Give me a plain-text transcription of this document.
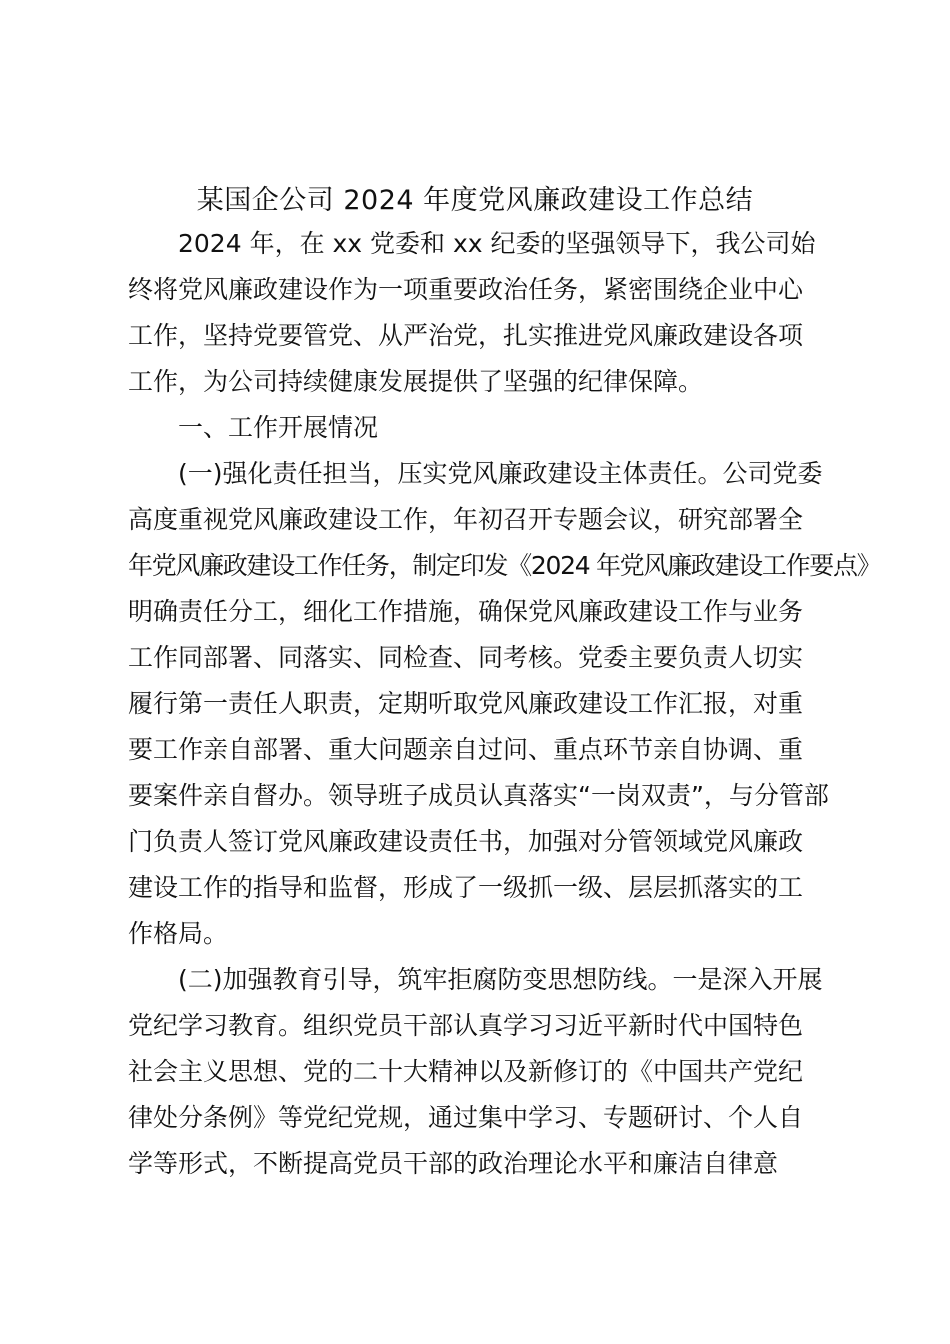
某国企公司 2024 年度党风廉政建设工作总结
2024 年，在 xx 党委和 xx 纪委的坚强领导下，我公司始
终将党风廉政建设作为一项重要政治任务，紧密围绕企业中心
工作，坚持党要管党、从严治党，扎实推进党风廉政建设各项
工作，为公司持续健康发展提供了坚强的纪律保障。
一、工作开展情况
(一)强化责任担当，压实党风廉政建设主体责任。公司党委
高度重视党风廉政建设工作，年初召开专题会议，研究部署全
年党风廉政建设工作任务，制定印发《2024 年党风廉政建设工作要点》
明确责任分工，细化工作措施，确保党风廉政建设工作与业务
工作同部署、同落实、同检查、同考核。党委主要负责人切实
履行第一责任人职责，定期听取党风廉政建设工作汇报，对重
要工作亲自部署、重大问题亲自过问、重点环节亲自协调、重
要案件亲自督办。领导班子成员认真落实“一岗双责”，与分管部
门负责人签订党风廉政建设责任书，加强对分管领域党风廉政
建设工作的指导和监督，形成了一级抓一级、层层抓落实的工
作格局。
(二)加强教育引导，筑牢拒腐防变思想防线。一是深入开展
党纪学习教育。组织党员干部认真学习习近平新时代中国特色
社会主义思想、党的二十大精神以及新修订的《中国共产党纪
律处分条例》等党纪党规，通过集中学习、专题研讨、个人自
学等形式，不断提高党员干部的政治理论水平和廉洁自律意
